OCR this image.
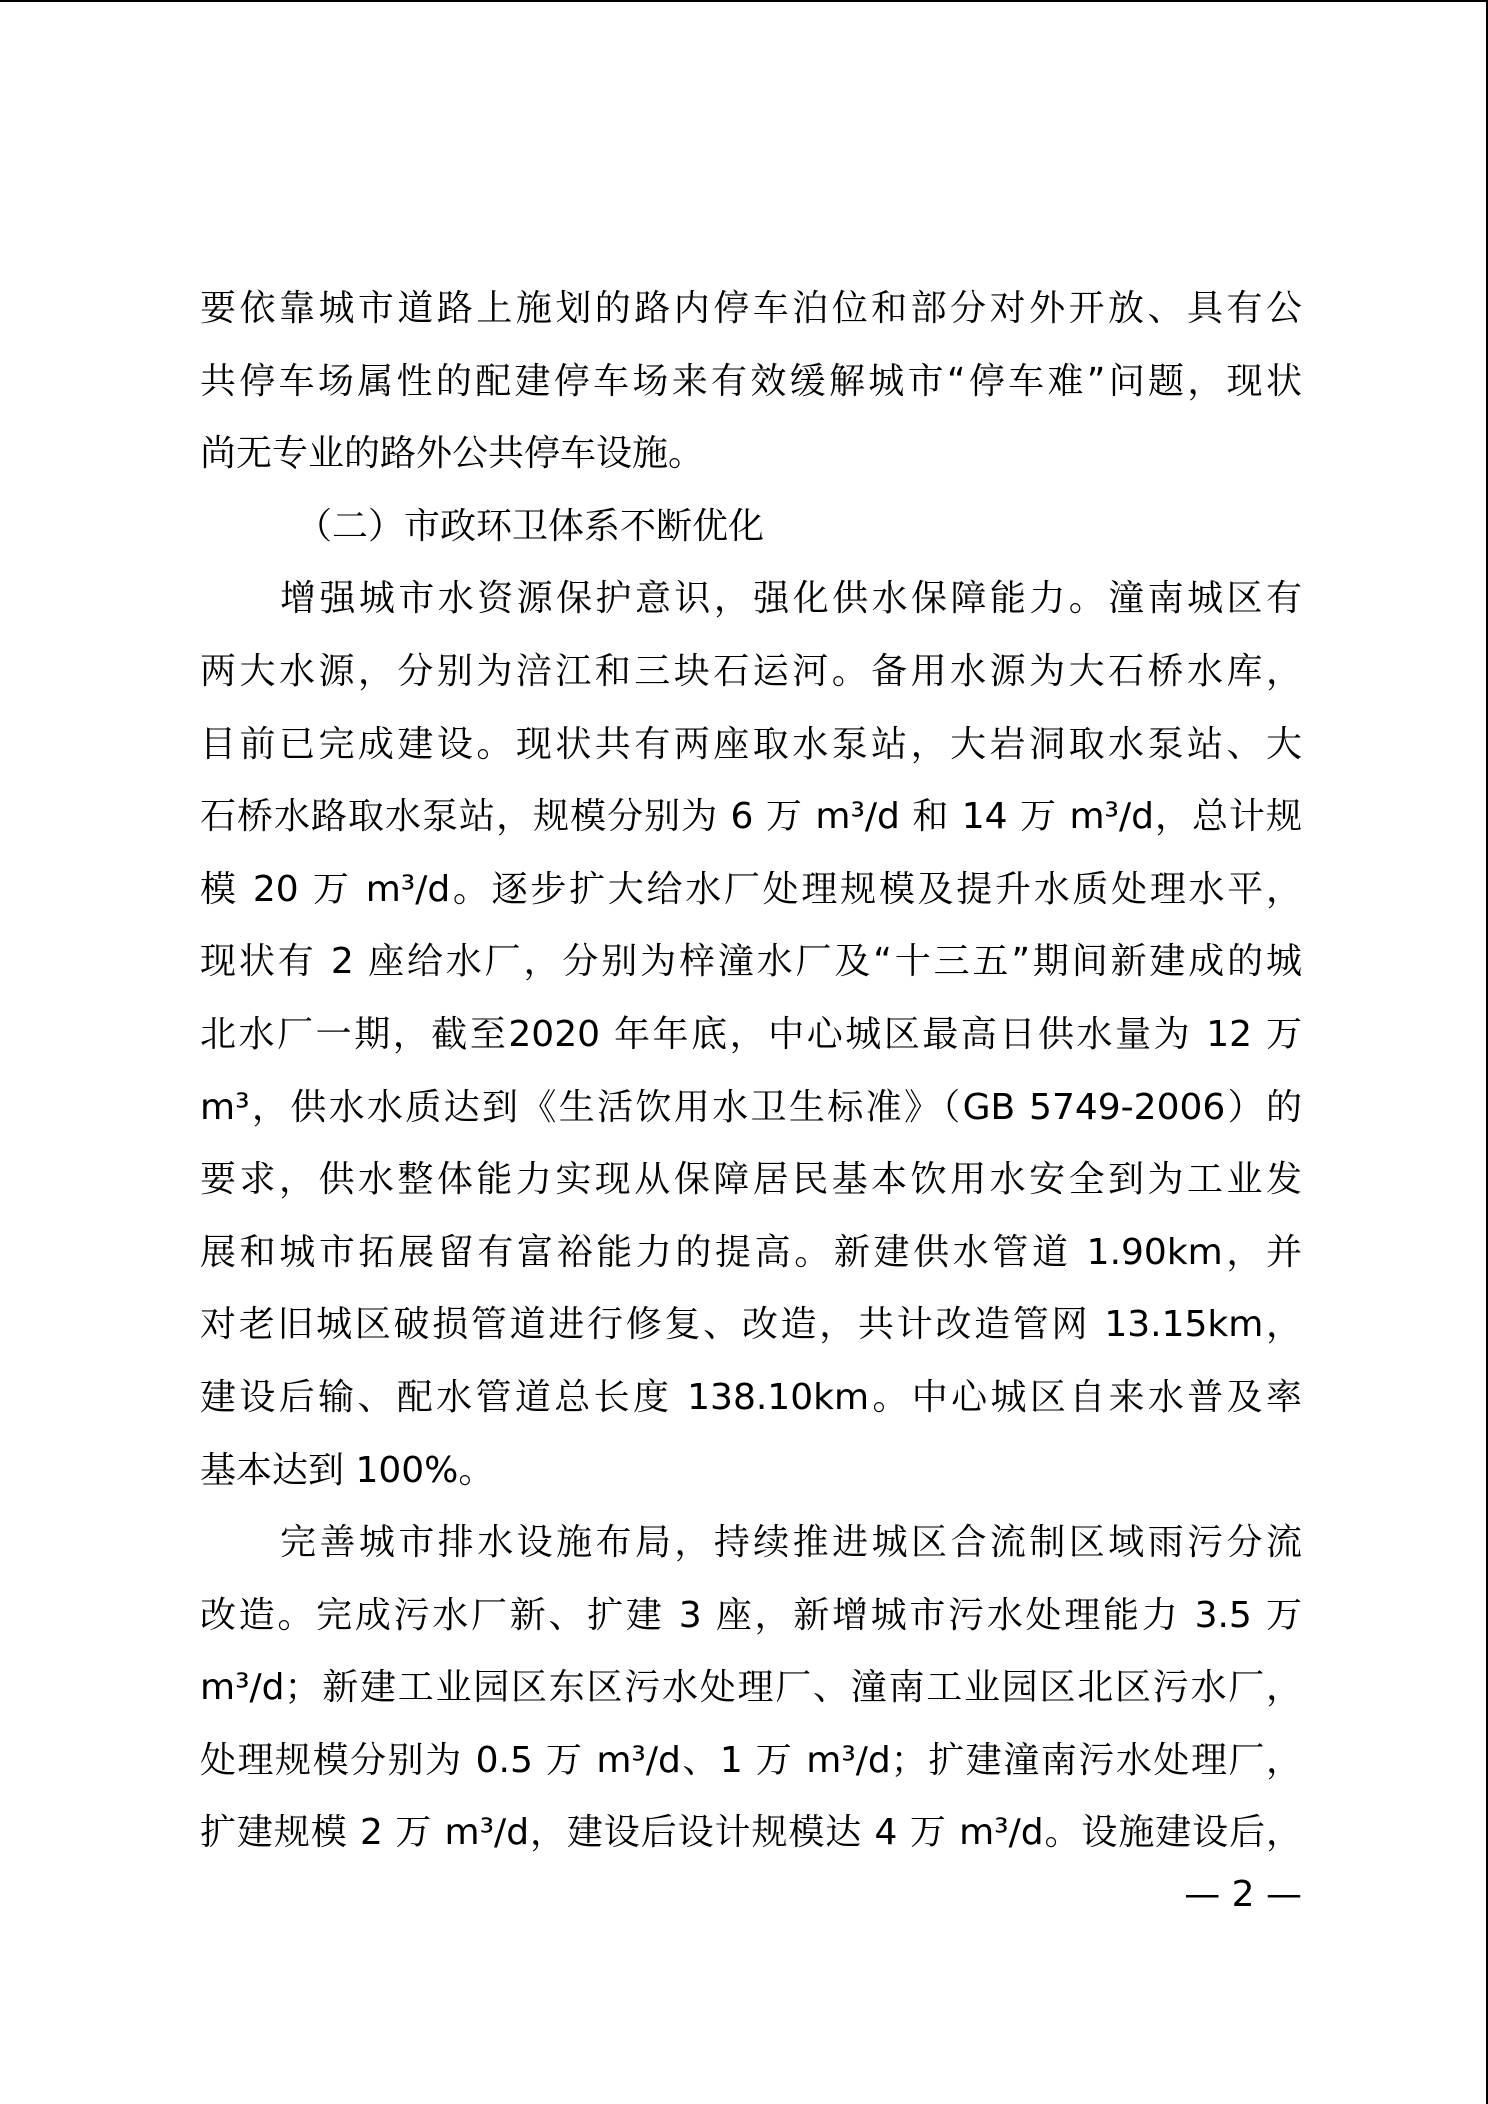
要依靠城市道路上施划的路内停车泊位和部分对外开放、具有公
共停车场属性的配建停车场来有效缓解城市“停车难”问题，现状
尚无专业的路外公共停车设施。
（二）市政环卫体系不断优化
增强城市水资源保护意识，强化供水保障能力。潼南城区有
两大水源，分别为涪江和三块石运河。备用水源为大石桥水库，
目前已完成建设。现状共有两座取水泵站，大岩洞取水泵站、大
石桥水路取水泵站，规模分别为 6 万 m³/d 和 14 万 m³/d，总计规
模 20 万 m³/d。逐步扩大给水厂处理规模及提升水质处理水平，
现状有 2 座给水厂，分别为梓潼水厂及“十三五”期间新建成的城
北水厂一期，截至2020 年年底，中心城区最高日供水量为 12 万
m³，供水水质达到《生活饮用水卫生标准》（GB 5749-2006）的
要求，供水整体能力实现从保障居民基本饮用水安全到为工业发
展和城市拓展留有富裕能力的提高。新建供水管道 1.90km，并
对老旧城区破损管道进行修复、改造，共计改造管网 13.15km，
建设后输、配水管道总长度 138.10km。中心城区自来水普及率
基本达到 100%。
完善城市排水设施布局，持续推进城区合流制区域雨污分流
改造。完成污水厂新、扩建 3 座，新增城市污水处理能力 3.5 万
m³/d；新建工业园区东区污水处理厂、潼南工业园区北区污水厂，
处理规模分别为 0.5 万 m³/d、1 万 m³/d；扩建潼南污水处理厂，
扩建规模 2 万 m³/d，建设后设计规模达 4 万 m³/d。设施建设后，
— 2 —
